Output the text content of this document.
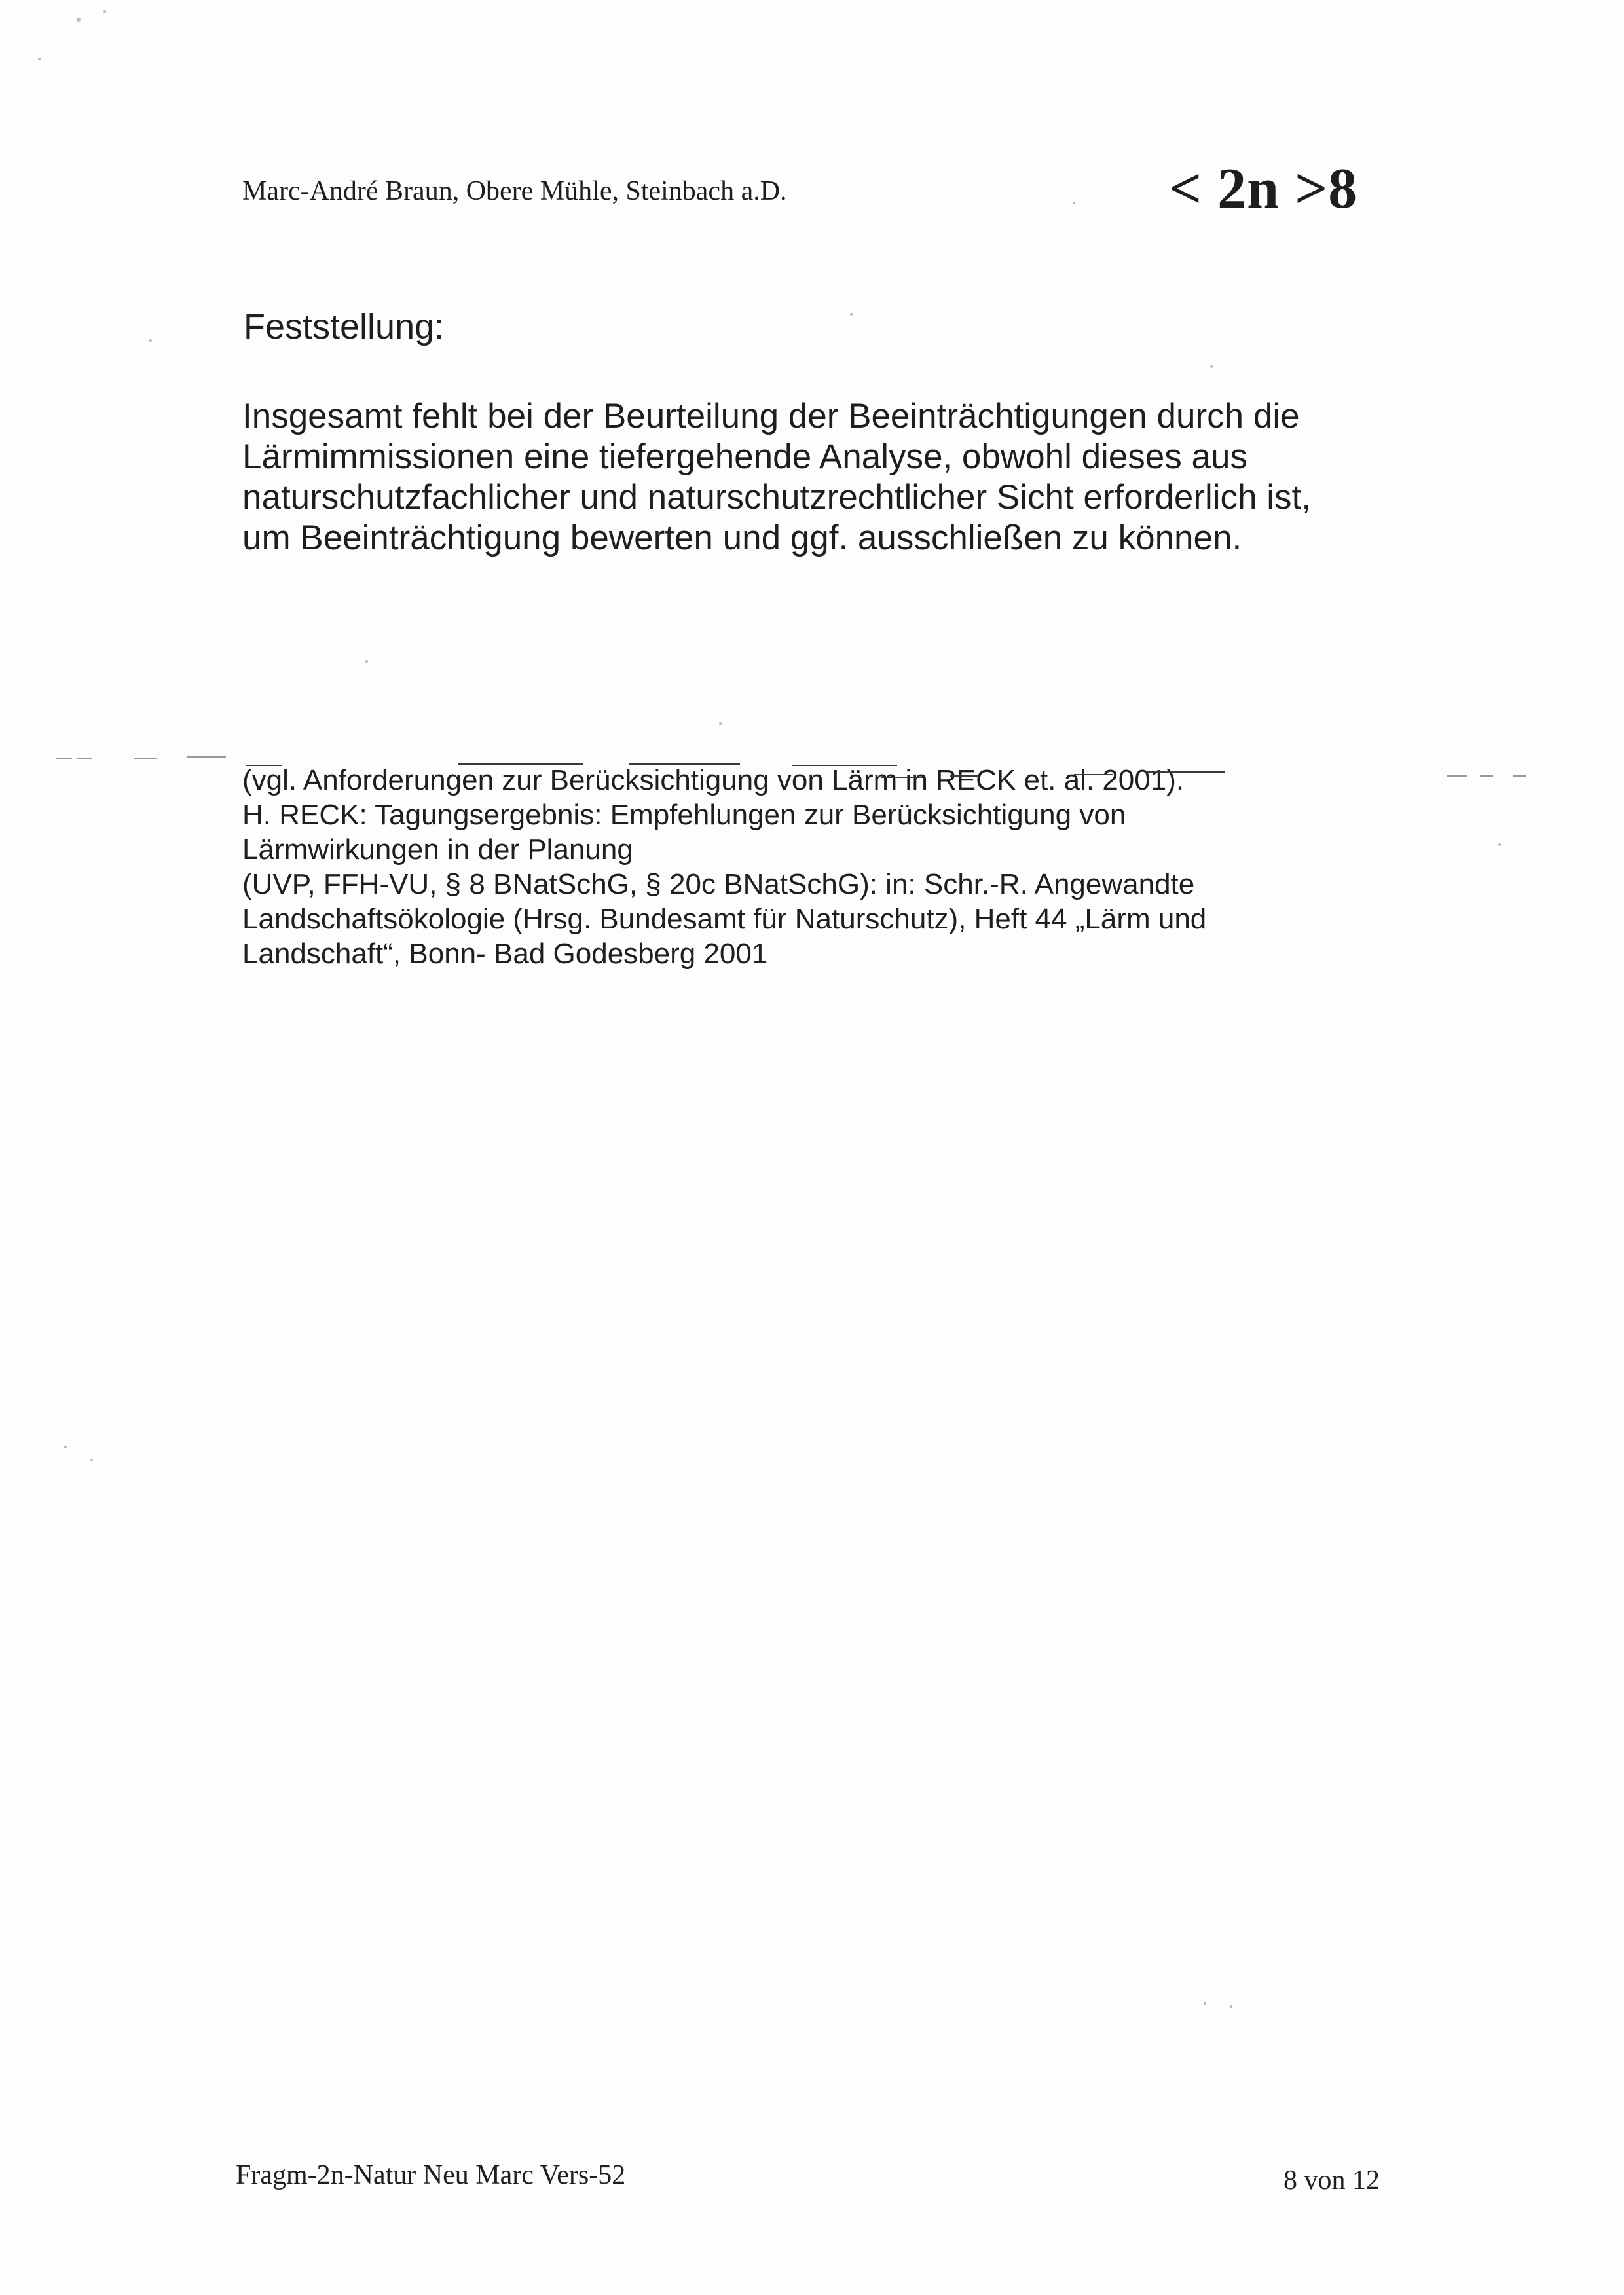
Marc-André Braun, Obere Mühle, Steinbach a.D.	< 2n >8
Feststellung:
Insgesamt fehlt bei der Beurteilung der Beeinträchtigungen durch die
Lärmimmissionen eine tiefergehende Analyse, obwohl dieses aus
naturschutzfachlicher und naturschutzrechtlicher Sicht erforderlich ist,
um Beeinträchtigung bewerten und ggf. ausschließen zu können.
(vgl. Anforderungen zur Berücksichtigung von Lärm in RECK et. al. 2001).
H. RECK: Tagungsergebnis: Empfehlungen zur Berücksichtigung von
Lärmwirkungen in der Planung
(UVP, FFH-VU, § 8 BNatSchG, § 20c BNatSchG): in: Schr.-R. Angewandte
Landschaftsökologie (Hrsg. Bundesamt für Naturschutz), Heft 44 „Lärm und
Landschaft“, Bonn- Bad Godesberg 2001
Fragm-2n-Natur Neu Marc Vers-52	8 von 12
